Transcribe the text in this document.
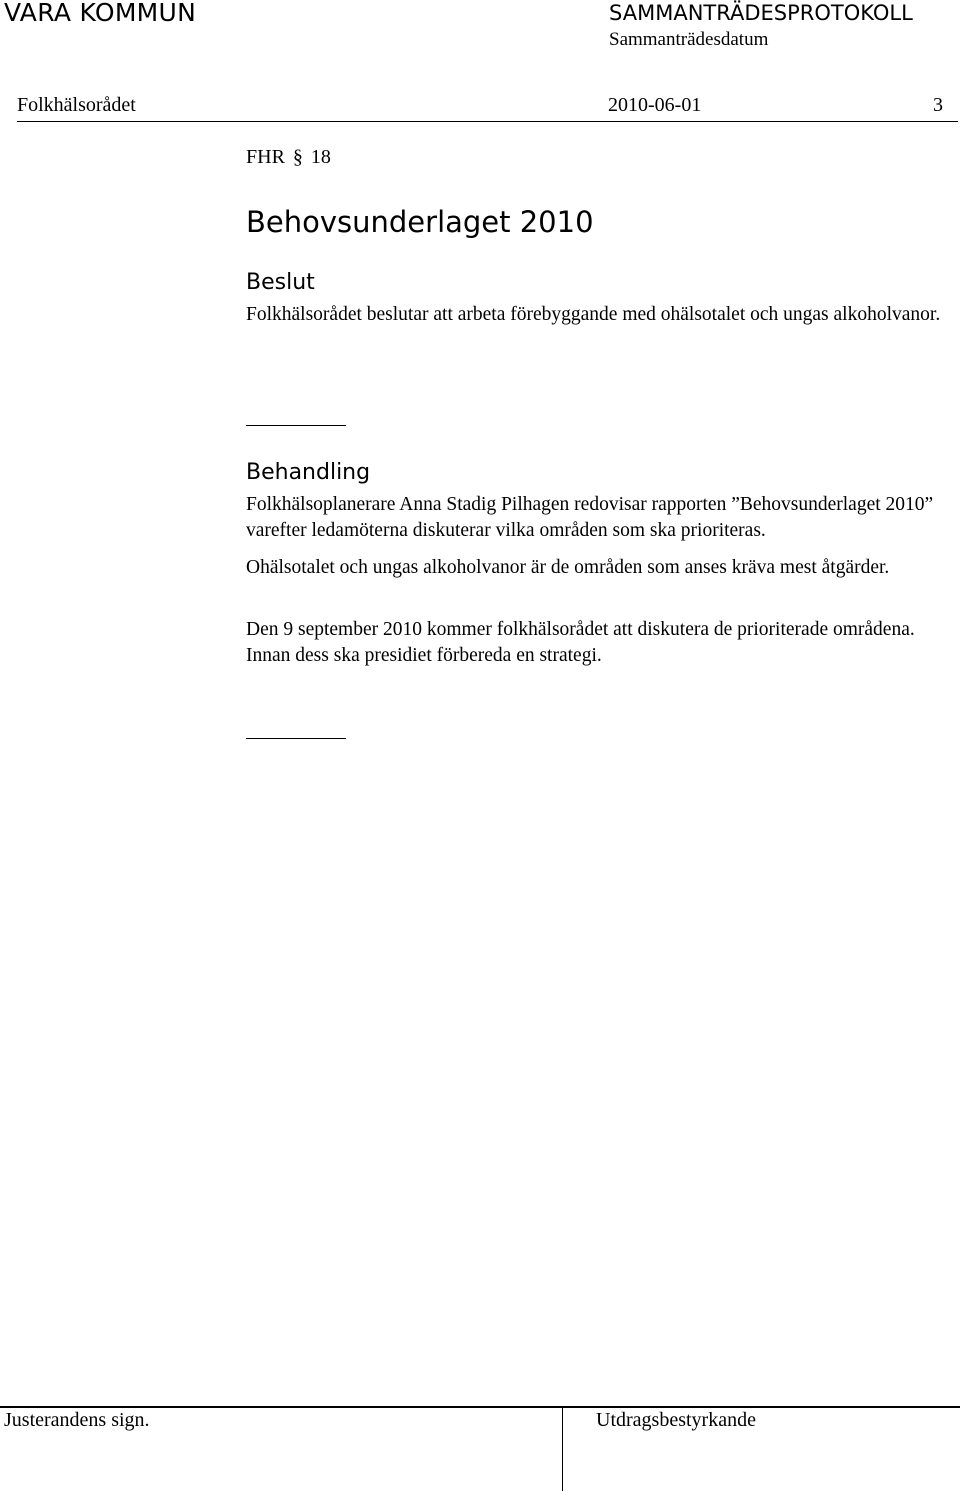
VARA KOMMUN	SAMMANTRÄDESPROTOKOLL
Sammanträdesdatum
Folkhälsorådet	2010-06-01	3
FHR § 18
Behovsunderlaget 2010
Beslut
Folkhälsorådet beslutar att arbeta förebyggande med ohälsotalet och ungas alkoholvanor.
Behandling
Folkhälsoplanerare Anna Stadig Pilhagen redovisar rapporten ”Behovsunderlaget 2010” varefter ledamöterna diskuterar vilka områden som ska prioriteras.
Ohälsotalet och ungas alkoholvanor är de områden som anses kräva mest åtgärder.
Den 9 september 2010 kommer folkhälsorådet att diskutera de prioriterade områdena. Innan dess ska presidiet förbereda en strategi.
Justerandens sign.	Utdragsbestyrkande
